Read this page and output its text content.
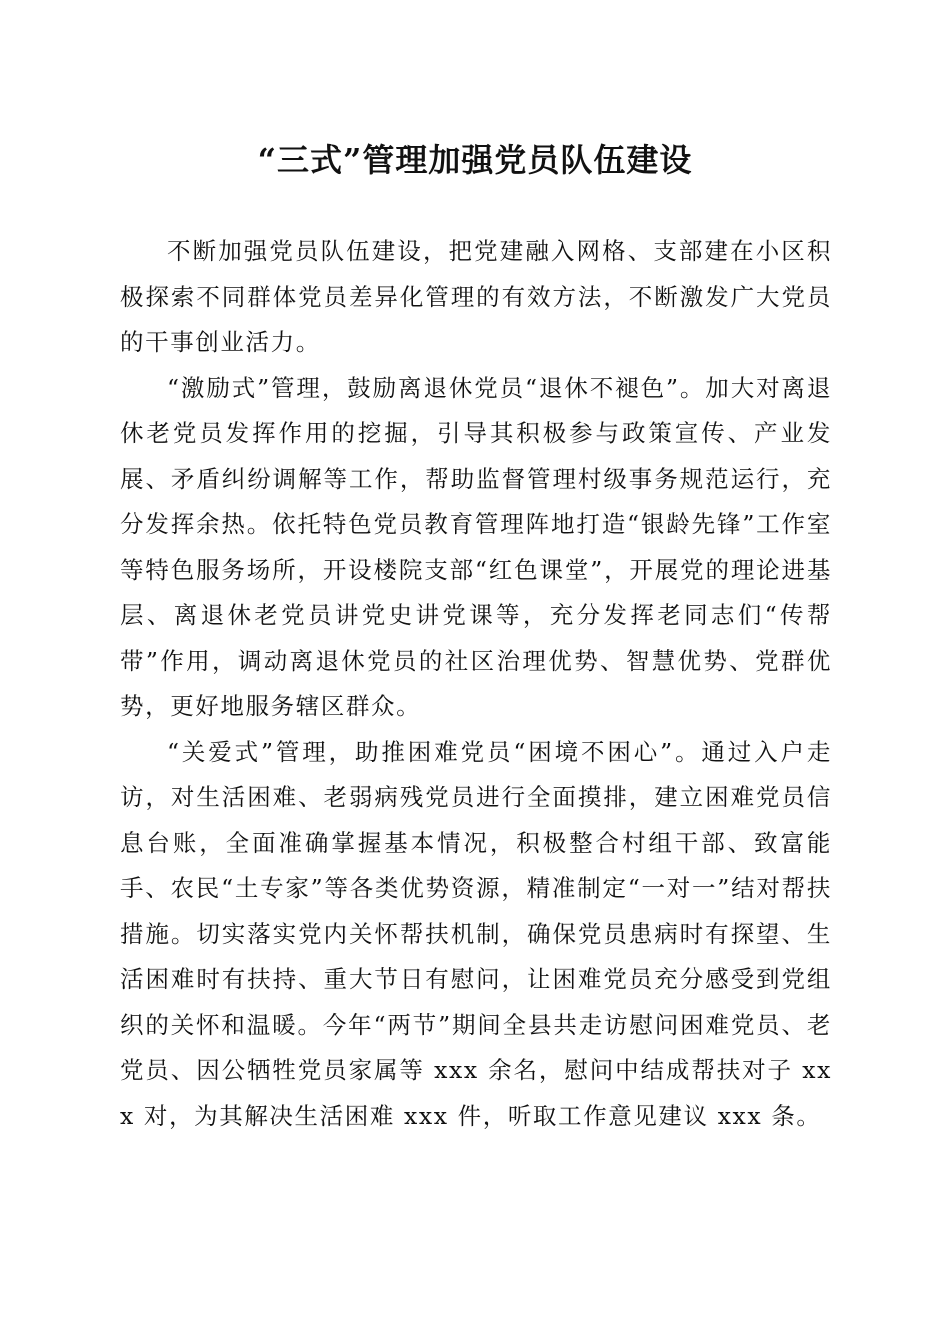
“三式”管理加强党员队伍建设

不断加强党员队伍建设，把党建融入网格、支部建在小区积极探索不同群体党员差异化管理的有效方法，不断激发广大党员的干事创业活力。

“激励式”管理，鼓励离退休党员“退休不褪色”。加大对离退休老党员发挥作用的挖掘，引导其积极参与政策宣传、产业发展、矛盾纠纷调解等工作，帮助监督管理村级事务规范运行，充分发挥余热。依托特色党员教育管理阵地打造“银龄先锋”工作室等特色服务场所，开设楼院支部“红色课堂”，开展党的理论进基层、离退休老党员讲党史讲党课等，充分发挥老同志们“传帮带”作用，调动离退休党员的社区治理优势、智慧优势、党群优势，更好地服务辖区群众。

“关爱式”管理，助推困难党员“困境不困心”。通过入户走访，对生活困难、老弱病残党员进行全面摸排，建立困难党员信息台账，全面准确掌握基本情况，积极整合村组干部、致富能手、农民“土专家”等各类优势资源，精准制定“一对一”结对帮扶措施。切实落实党内关怀帮扶机制，确保党员患病时有探望、生活困难时有扶持、重大节日有慰问，让困难党员充分感受到党组织的关怀和温暖。今年“两节”期间全县共走访慰问困难党员、老党员、因公牺牲党员家属等 xxx 余名，慰问中结成帮扶对子 xxx 对，为其解决生活困难 xxx 件，听取工作意见建议 xxx 条。
